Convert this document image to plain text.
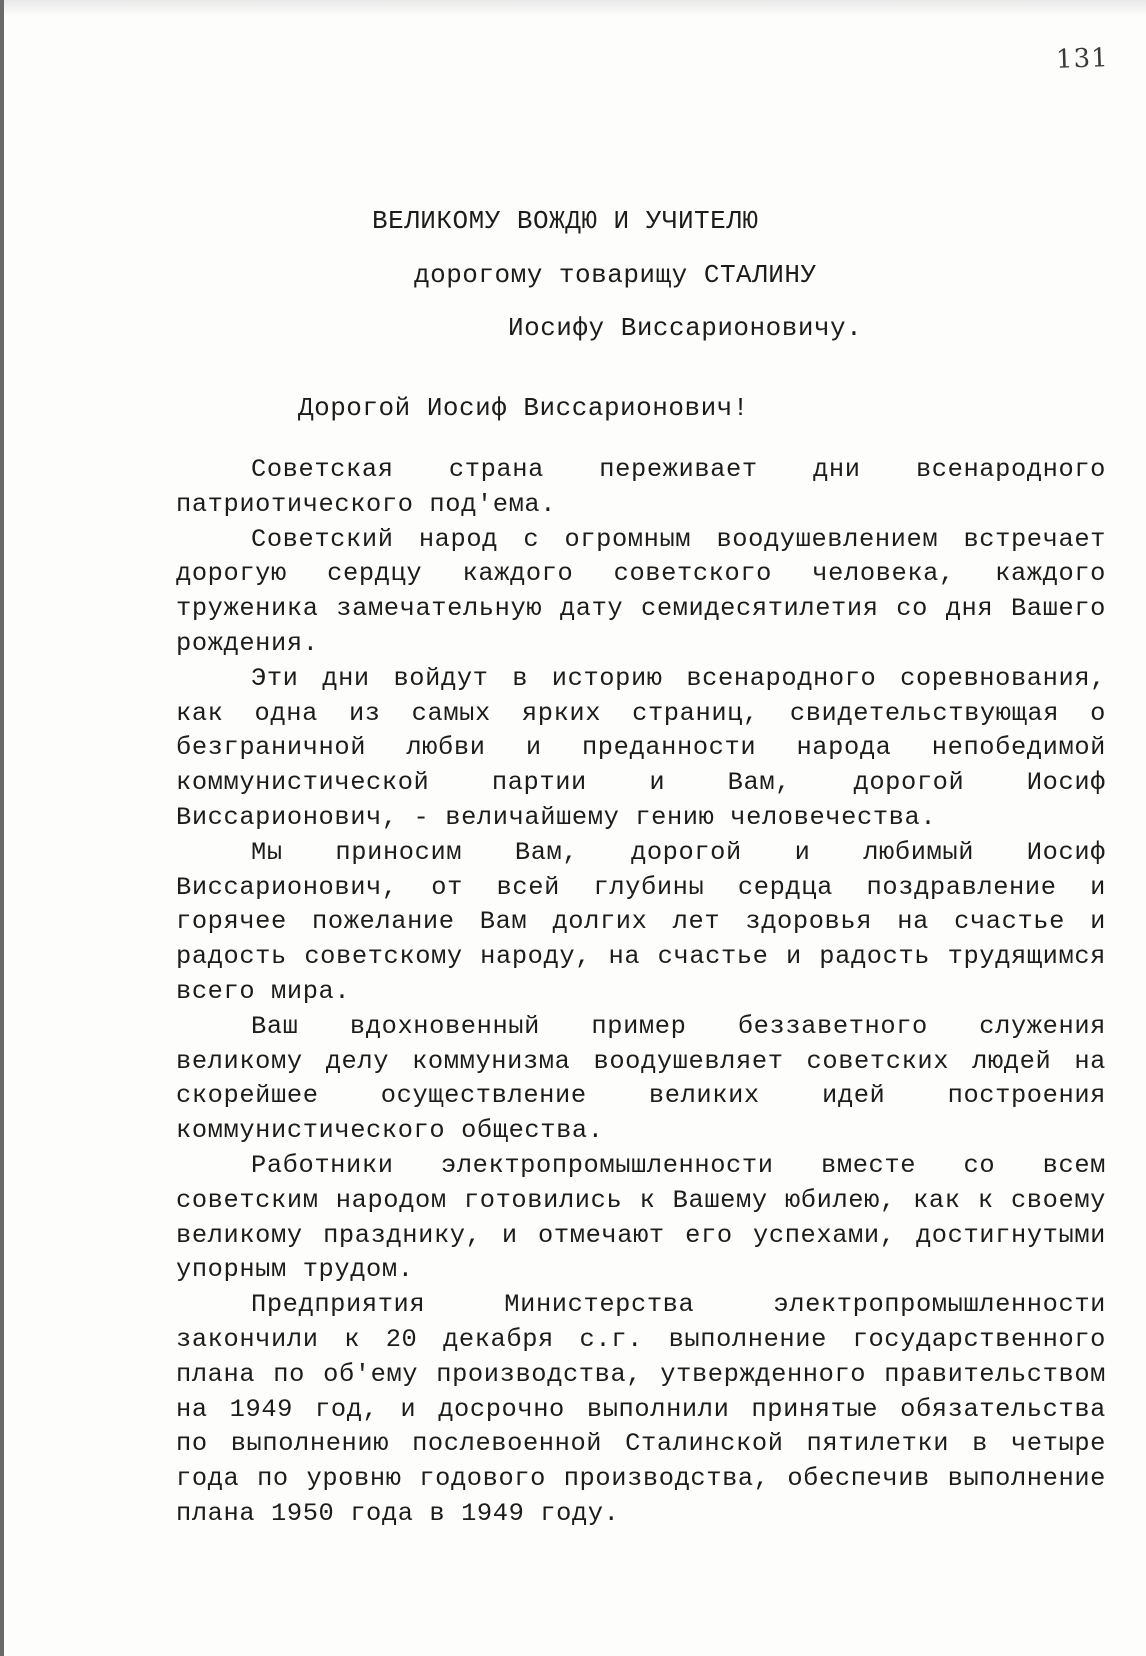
131
ВЕЛИКОМУ ВОЖДЮ И УЧИТЕЛЮ
дорогому товарищу СТАЛИНУ
Иосифу Виссарионовичу.
Дорогой Иосиф Виссарионович!

Советская страна переживает дни всенародного патриотического под'ема.

Советский народ с огромным воодушевлением встречает дорогую сердцу каждого советского человека, каждого труженика замечательную дату семидесятилетия со дня Вашего рождения.

Эти дни войдут в историю всенародного соревнования, как одна из самых ярких страниц, свидетельствующая о безграничной любви и преданности народа непобедимой коммунистической партии и Вам, дорогой Иосиф Виссарионович, - величайшему гению человечества.

Мы приносим Вам, дорогой и любимый Иосиф Виссарионович, от всей глубины сердца поздравление и горячее пожелание Вам долгих лет здоровья на счастье и радость советскому народу, на счастье и радость трудящимся всего мира.

Ваш вдохновенный пример беззаветного служения великому делу коммунизма воодушевляет советских людей на скорейшее осуществление великих идей построения коммунистического общества.

Работники электропромышленности вместе со всем советским народом готовились к Вашему юбилею, как к своему великому празднику, и отмечают его успехами, достигнутыми упорным трудом.

Предприятия Министерства электропромышленности закончили к 20 декабря с.г. выполнение государственного плана по об'ему производства, утвержденного правительством на 1949 год, и досрочно выполнили принятые обязательства по выполнению послевоенной Сталинской пятилетки в четыре года по уровню годового производства, обеспечив выполнение плана 1950 года в 1949 году.
